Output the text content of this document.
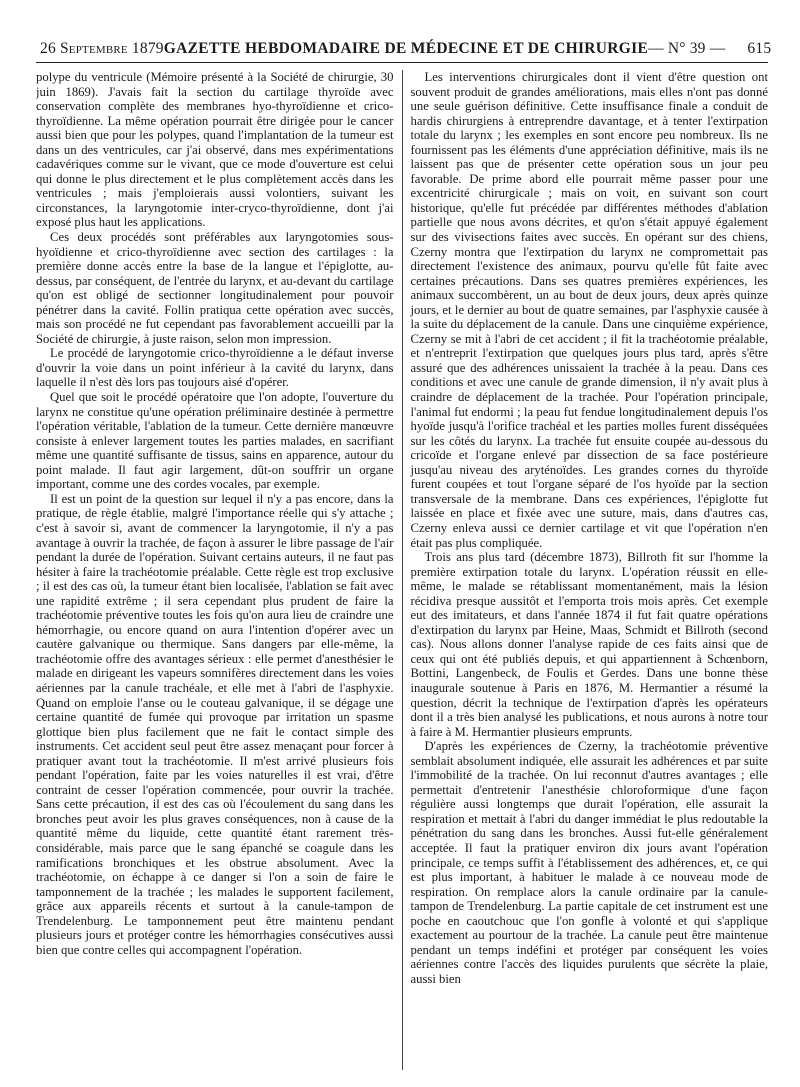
26 Septembre 1879 GAZETTE HEBDOMADAIRE DE MÉDECINE ET DE CHIRURGIE — N° 39 — 615

polype du ventricule (Mémoire présenté à la Société de chirurgie, 30 juin 1869). J'avais fait la section du cartilage thyroïde avec conservation complète des membranes hyo-thyroïdienne et crico-thyroïdienne. La même opération pourrait être dirigée pour le cancer aussi bien que pour les polypes, quand l'implantation de la tumeur est dans un des ventricules, car j'ai observé, dans mes expérimentations cadavériques comme sur le vivant, que ce mode d'ouverture est celui qui donne le plus directement et le plus complètement accès dans les ventricules ; mais j'emploierais aussi volontiers, suivant les circonstances, la laryngotomie inter-cryco-thyroïdienne, dont j'ai exposé plus haut les applications.

Ces deux procédés sont préférables aux laryngotomies sous-hyoïdienne et crico-thyroïdienne avec section des cartilages : la première donne accès entre la base de la langue et l'épiglotte, au-dessus, par conséquent, de l'entrée du larynx, et au-devant du cartilage qu'on est obligé de sectionner longitudinalement pour pouvoir pénétrer dans la cavité. Follin pratiqua cette opération avec succès, mais son procédé ne fut cependant pas favorablement accueilli par la Société de chirurgie, à juste raison, selon mon impression.

Le procédé de laryngotomie crico-thyroïdienne a le défaut inverse d'ouvrir la voie dans un point inférieur à la cavité du larynx, dans laquelle il n'est dès lors pas toujours aisé d'opérer.

Quel que soit le procédé opératoire que l'on adopte, l'ouverture du larynx ne constitue qu'une opération préliminaire destinée à permettre l'opération véritable, l'ablation de la tumeur. Cette dernière manœuvre consiste à enlever largement toutes les parties malades, en sacrifiant même une quantité suffisante de tissus, sains en apparence, autour du point malade. Il faut agir largement, dût-on souffrir un organe important, comme une des cordes vocales, par exemple.

Il est un point de la question sur lequel il n'y a pas encore, dans la pratique, de règle établie, malgré l'importance réelle qui s'y attache ; c'est à savoir si, avant de commencer la laryngotomie, il n'y a pas avantage à ouvrir la trachée, de façon à assurer le libre passage de l'air pendant la durée de l'opération. Suivant certains auteurs, il ne faut pas hésiter à faire la trachéotomie préalable. Cette règle est trop exclusive ; il est des cas où, la tumeur étant bien localisée, l'ablation se fait avec une rapidité extrême ; il sera cependant plus prudent de faire la trachéotomie préventive toutes les fois qu'on aura lieu de craindre une hémorrhagie, ou encore quand on aura l'intention d'opérer avec un cautère galvanique ou thermique. Sans dangers par elle-même, la trachéotomie offre des avantages sérieux : elle permet d'anesthésier le malade en dirigeant les vapeurs somnifères directement dans les voies aériennes par la canule trachéale, et elle met à l'abri de l'asphyxie. Quand on emploie l'anse ou le couteau galvanique, il se dégage une certaine quantité de fumée qui provoque par irritation un spasme glottique bien plus facilement que ne fait le contact simple des instruments. Cet accident seul peut être assez menaçant pour forcer à pratiquer avant tout la trachéotomie. Il m'est arrivé plusieurs fois pendant l'opération, faite par les voies naturelles il est vrai, d'être contraint de cesser l'opération commencée, pour ouvrir la trachée. Sans cette précaution, il est des cas où l'écoulement du sang dans les bronches peut avoir les plus graves conséquences, non à cause de la quantité même du liquide, cette quantité étant rarement très-considérable, mais parce que le sang épanché se coagule dans les ramifications bronchiques et les obstrue absolument. Avec la trachéotomie, on échappe à ce danger si l'on a soin de faire le tamponnement de la trachée ; les malades le supportent facilement, grâce aux appareils récents et surtout à la canule-tampon de Trendelenburg. Le tamponnement peut être maintenu pendant plusieurs jours et protéger contre les hémorrhagies consécutives aussi bien que contre celles qui accompagnent l'opération.

Les interventions chirurgicales dont il vient d'être question ont souvent produit de grandes améliorations, mais elles n'ont pas donné une seule guérison définitive. Cette insuffisance finale a conduit de hardis chirurgiens à entreprendre davantage, et à tenter l'extirpation totale du larynx ; les exemples en sont encore peu nombreux. Ils ne fournissent pas les éléments d'une appréciation définitive, mais ils ne laissent pas que de présenter cette opération sous un jour peu favorable. De prime abord elle pourrait même passer pour une excentricité chirurgicale ; mais on voit, en suivant son court historique, qu'elle fut précédée par différentes méthodes d'ablation partielle que nous avons décrites, et qu'on s'était appuyé également sur des vivisections faites avec succès. En opérant sur des chiens, Czerny montra que l'extirpation du larynx ne compromettait pas directement l'existence des animaux, pourvu qu'elle fût faite avec certaines précautions. Dans ses quatres premières expériences, les animaux succombèrent, un au bout de deux jours, deux après quinze jours, et le dernier au bout de quatre semaines, par l'asphyxie causée à la suite du déplacement de la canule. Dans une cinquième expérience, Czerny se mit à l'abri de cet accident ; il fit la trachéotomie préalable, et n'entreprit l'extirpation que quelques jours plus tard, après s'être assuré que des adhérences unissaient la trachée à la peau. Dans ces conditions et avec une canule de grande dimension, il n'y avait plus à craindre de déplacement de la trachée. Pour l'opération principale, l'animal fut endormi ; la peau fut fendue longitudinalement depuis l'os hyoïde jusqu'à l'orifice trachéal et les parties molles furent disséquées sur les côtés du larynx. La trachée fut ensuite coupée au-dessous du cricoïde et l'organe enlevé par dissection de sa face postérieure jusqu'au niveau des aryténoïdes. Les grandes cornes du thyroïde furent coupées et tout l'organe séparé de l'os hyoïde par la section transversale de la membrane. Dans ces expériences, l'épiglotte fut laissée en place et fixée avec une suture, mais, dans d'autres cas, Czerny enleva aussi ce dernier cartilage et vit que l'opération n'en était pas plus compliquée.

Trois ans plus tard (décembre 1873), Billroth fit sur l'homme la première extirpation totale du larynx. L'opération réussit en elle-même, le malade se rétablissant momentanément, mais la lésion récidiva presque aussitôt et l'emporta trois mois après. Cet exemple eut des imitateurs, et dans l'année 1874 il fut fait quatre opérations d'extirpation du larynx par Heine, Maas, Schmidt et Billroth (second cas). Nous allons donner l'analyse rapide de ces faits ainsi que de ceux qui ont été publiés depuis, et qui appartiennent à Schœnborn, Bottini, Langenbeck, de Foulis et Gerdes. Dans une bonne thèse inaugurale soutenue à Paris en 1876, M. Hermantier a résumé la question, décrit la technique de l'extirpation d'après les opérateurs dont il a très bien analysé les publications, et nous aurons à notre tour à faire à M. Hermantier plusieurs emprunts.

D'après les expériences de Czerny, la trachéotomie préventive semblait absolument indiquée, elle assurait les adhérences et par suite l'immobilité de la trachée. On lui reconnut d'autres avantages ; elle permettait d'entretenir l'anesthésie chloroformique d'une façon régulière aussi longtemps que durait l'opération, elle assurait la respiration et mettait à l'abri du danger immédiat le plus redoutable la pénétration du sang dans les bronches. Aussi fut-elle généralement acceptée. Il faut la pratiquer environ dix jours avant l'opération principale, ce temps suffit à l'établissement des adhérences, et, ce qui est plus important, à habituer le malade à ce nouveau mode de respiration. On remplace alors la canule ordinaire par la canule-tampon de Trendelenburg. La partie capitale de cet instrument est une poche en caoutchouc que l'on gonfle à volonté et qui s'applique exactement au pourtour de la trachée. La canule peut être maintenue pendant un temps indéfini et protéger par conséquent les voies aériennes contre l'accès des liquides purulents que sécrète la plaie, aussi bien
